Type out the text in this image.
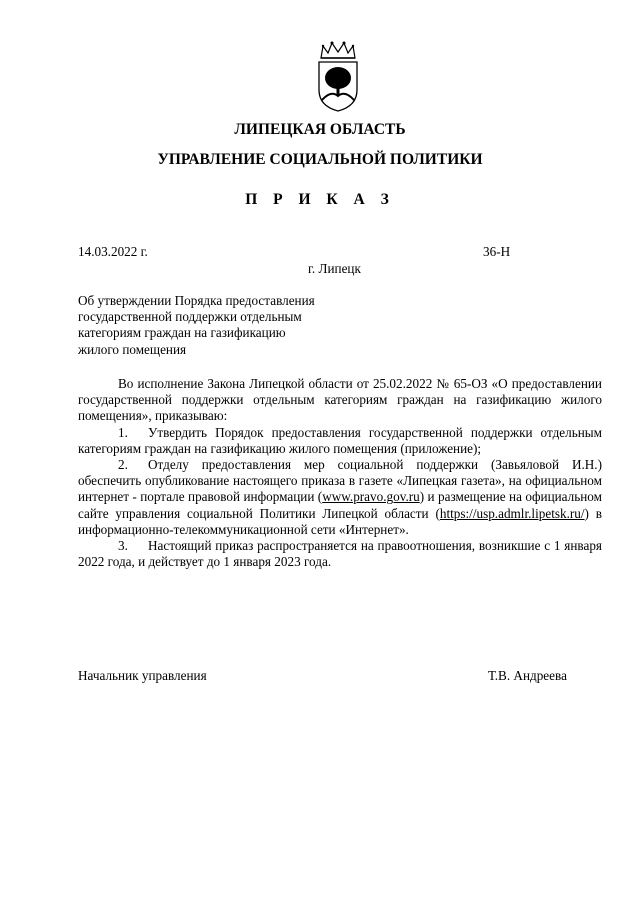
ЛИПЕЦКАЯ ОБЛАСТЬ
УПРАВЛЕНИЕ СОЦИАЛЬНОЙ ПОЛИТИКИ
П Р И К А З
14.03.2022 г.	36-Н
г. Липецк
Об утверждении Порядка предоставления
государственной поддержки отдельным
категориям граждан на газификацию
жилого помещения

Во исполнение Закона Липецкой области от 25.02.2022 № 65-ОЗ «О предоставлении государственной поддержки отдельным категориям граждан на газификацию жилого помещения», приказываю:

1. Утвердить Порядок предоставления государственной поддержки отдельным категориям граждан на газификацию жилого помещения (приложение);

2. Отделу предоставления мер социальной поддержки (Завьяловой И.Н.) обеспечить опубликование настоящего приказа в газете «Липецкая газета», на официальном интернет - портале правовой информации (www.pravo.gov.ru) и размещение на официальном сайте управления социальной Политики Липецкой области (https://usp.admlr.lipetsk.ru/) в информационно-телекоммуникационной сети «Интернет».

3. Настоящий приказ распространяется на правоотношения, возникшие с 1 января 2022 года, и действует до 1 января 2023 года.

Начальник управления	Т.В. Андреева
